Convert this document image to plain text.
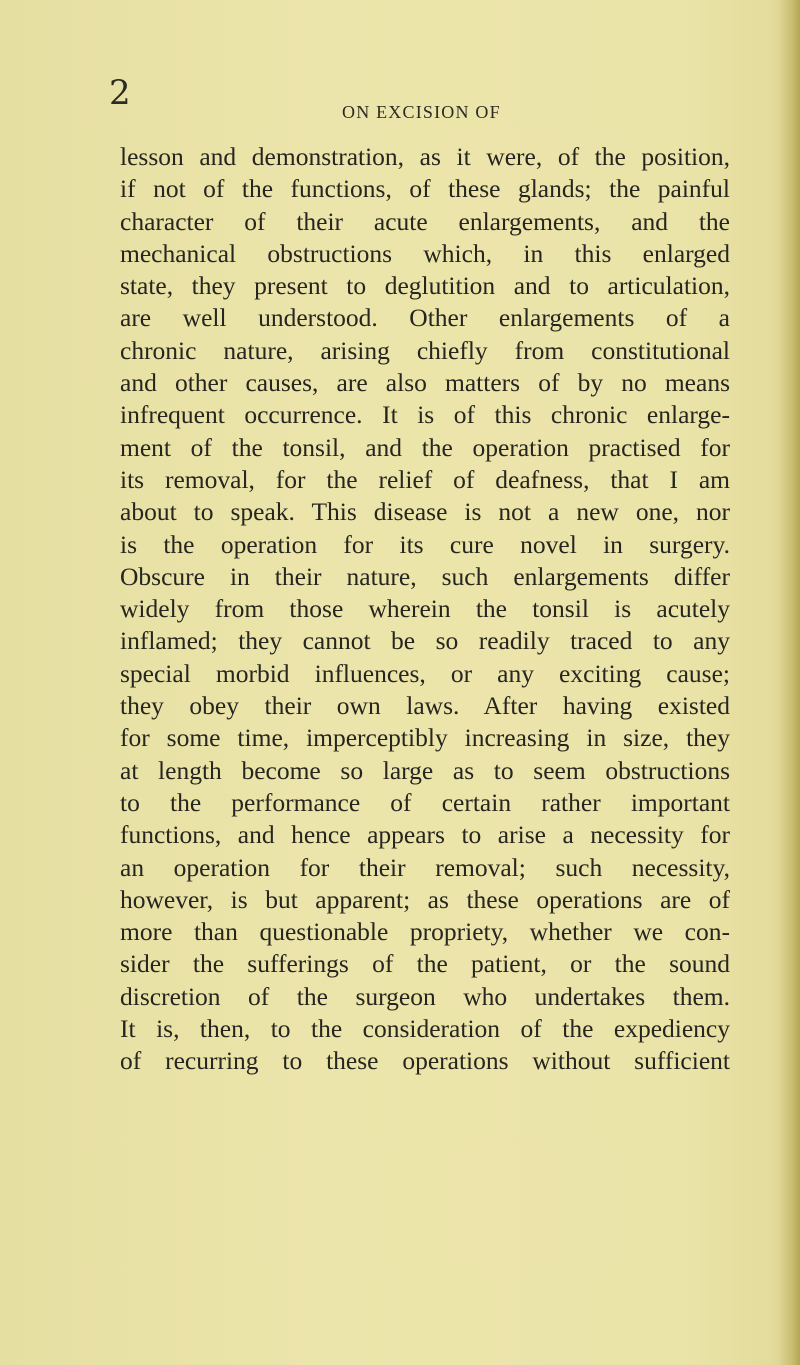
2	ON EXCISION OF
lesson and demonstration, as it were, of the position,
if not of the functions, of these glands; the painful
character of their acute enlargements, and the
mechanical obstructions which, in this enlarged
state, they present to deglutition and to articulation,
are well understood. Other enlargements of a
chronic nature, arising chiefly from constitutional
and other causes, are also matters of by no means
infrequent occurrence. It is of this chronic enlarge-
ment of the tonsil, and the operation practised for
its removal, for the relief of deafness, that I am
about to speak. This disease is not a new one, nor
is the operation for its cure novel in surgery.
Obscure in their nature, such enlargements differ
widely from those wherein the tonsil is acutely
inflamed; they cannot be so readily traced to any
special morbid influences, or any exciting cause;
they obey their own laws. After having existed
for some time, imperceptibly increasing in size, they
at length become so large as to seem obstructions
to the performance of certain rather important
functions, and hence appears to arise a necessity for
an operation for their removal; such necessity,
however, is but apparent; as these operations are of
more than questionable propriety, whether we con-
sider the sufferings of the patient, or the sound
discretion of the surgeon who undertakes them.
It is, then, to the consideration of the expediency
of recurring to these operations without sufficient
